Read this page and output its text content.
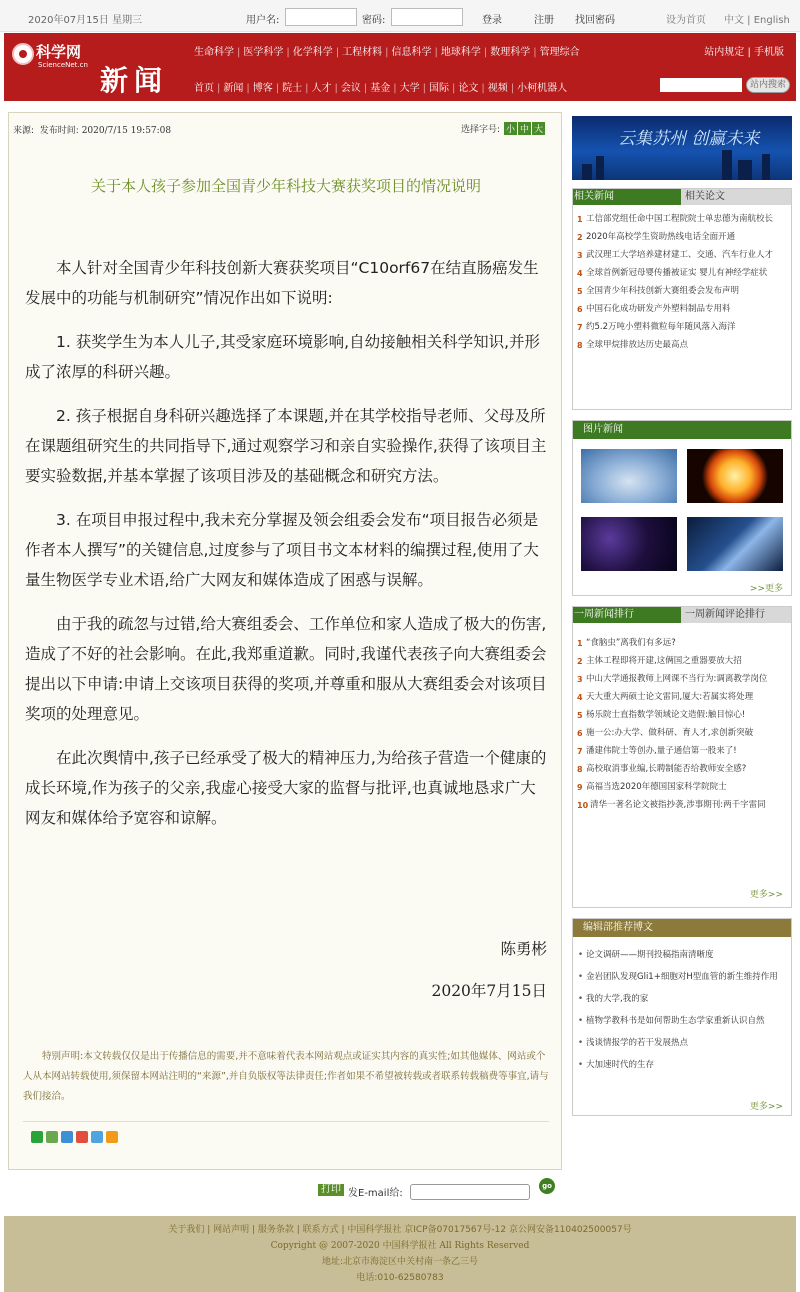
2020年07月15日 星期三	用户名:	密码:	登录	注册 找回密码	设为首页 中文 | English
科学网
ScienceNet.cn 新闻
生命科学 | 医学科学 | 化学科学 | 工程材料 | 信息科学 | 地球科学 | 数理科学 | 管理综合
首页 | 新闻 | 博客 | 院士 | 人才 | 会议 | 基金 | 大学 | 国际 | 论文 | 视频 | 小柯机器人
站内规定 | 手机版
站内搜索
来源: 发布时间: 2020/7/15 19:57:08	选择字号: 小 中 大
关于本人孩子参加全国青少年科技大赛获奖项目的情况说明

本人针对全国青少年科技创新大赛获奖项目“C10orf67在结直肠癌发生发展中的功能与机制研究”情况作出如下说明:

1. 获奖学生为本人儿子,其受家庭环境影响,自幼接触相关科学知识,并形成了浓厚的科研兴趣。

2. 孩子根据自身科研兴趣选择了本课题,并在其学校指导老师、父母及所在课题组研究生的共同指导下,通过观察学习和亲自实验操作,获得了该项目主要实验数据,并基本掌握了该项目涉及的基础概念和研究方法。

3. 在项目申报过程中,我未充分掌握及领会组委会发布“项目报告必须是作者本人撰写”的关键信息,过度参与了项目书文本材料的编撰过程,使用了大量生物医学专业术语,给广大网友和媒体造成了困惑与误解。

由于我的疏忽与过错,给大赛组委会、工作单位和家人造成了极大的伤害,造成了不好的社会影响。在此,我郑重道歉。同时,我谨代表孩子向大赛组委会提出以下申请:申请上交该项目获得的奖项,并尊重和服从大赛组委会对该项目奖项的处理意见。

在此次舆情中,孩子已经承受了极大的精神压力,为给孩子营造一个健康的成长环境,作为孩子的父亲,我虚心接受大家的监督与批评,也真诚地恳求广大网友和媒体给予宽容和谅解。

陈勇彬
2020年7月15日
特别声明:本文转载仅仅是出于传播信息的需要,并不意味着代表本网站观点或证实其内容的真实性;如其他媒体、网站或个人从本网站转载使用,须保留本网站注明的“来源”,并自负版权等法律责任;作者如果不希望被转载或者联系转载稿费等事宜,请与我们接洽。
打印 发E-mail给:
go
关于我们 | 网站声明 | 服务条款 | 联系方式 | 中国科学报社 京ICP备07017567号-12 京公网安备110402500057号
Copyright @ 2007-2020 中国科学报社 All Rights Reserved
地址:北京市海淀区中关村南一条乙三号
电话:010-62580783
云集苏州 创赢未来
相关新闻	相关论文
1 工信部党组任命中国工程院院士单忠德为南航校长
2 2020年高校学生资助热线电话全面开通
3 武汉理工大学培养建材建工、交通、汽车行业人才
4 全球首例新冠母婴传播被证实 婴儿有神经学症状
5 全国青少年科技创新大赛组委会发布声明
6 中国石化成功研发产外塑料制品专用料
7 约5.2万吨小塑料微粒每年随风落入海洋
8 全球甲烷排放达历史最高点
图片新闻
>>更多
一周新闻排行	一周新闻评论排行
1 “食脑虫”离我们有多远?
2 主体工程即将开建,这俩国之重器要放大招
3 中山大学通报教师上网课不当行为:调离教学岗位
4 天大重大两硕士论文雷同,厦大:若属实将处理
5 杨乐院士直指数学领域论文造假:触目惊心!
6 施一公:办大学、做科研、育人才,求创新突破
7 潘建伟院士等创办,量子通信第一股来了!
8 高校取消事业编,长聘制能否给教师安全感?
9 高福当选2020年德国国家科学院院士
10 清华一著名论文被指抄袭,涉事期刊:两千字雷同
更多>>
编辑部推荐博文
• 论文调研——期刊投稿指南清晰度
• 金岩团队发现Gli1+细胞对H型血管的新生维持作用
• 我的大学,我的家
• 植物学教科书是如何帮助生态学家重新认识自然
• 浅谈情报学的若干发展热点
• 大加速时代的生存
更多>>
